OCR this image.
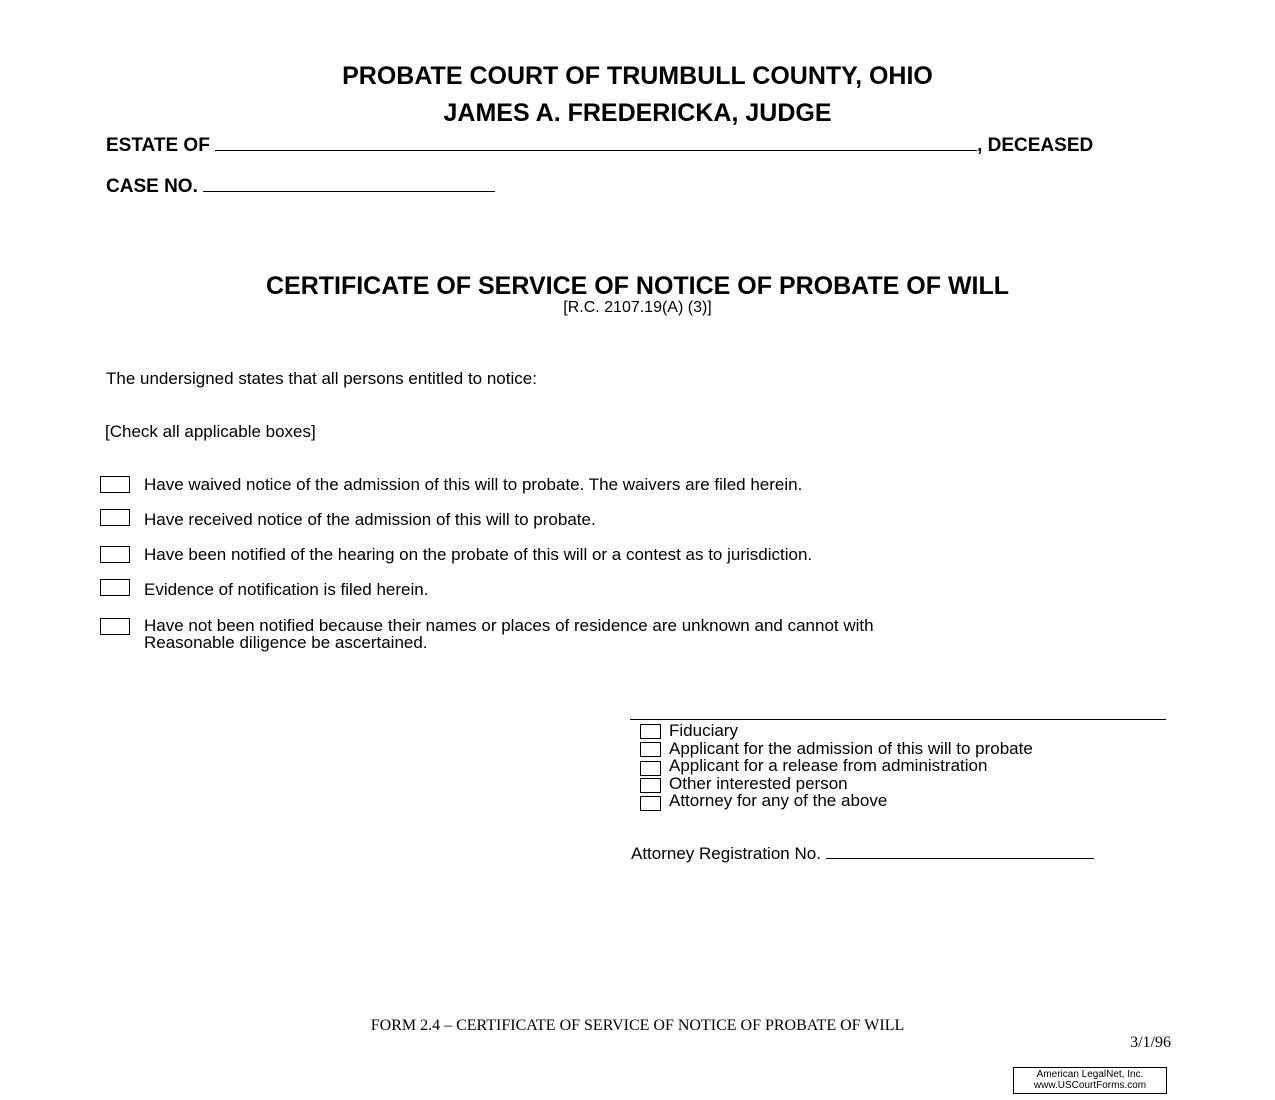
PROBATE COURT OF TRUMBULL COUNTY, OHIO
JAMES A. FREDERICKA, JUDGE
ESTATE OF	, DECEASED
CASE NO.
CERTIFICATE OF SERVICE OF NOTICE OF PROBATE OF WILL
[R.C. 2107.19(A) (3)]
The undersigned states that all persons entitled to notice:
[Check all applicable boxes]
Have waived notice of the admission of this will to probate. The waivers are filed herein.
Have received notice of the admission of this will to probate.
Have been notified of the hearing on the probate of this will or a contest as to jurisdiction.
Evidence of notification is filed herein.
Have not been notified because their names or places of residence are unknown and cannot with
Reasonable diligence be ascertained.
Fiduciary
Applicant for the admission of this will to probate
Applicant for a release from administration
Other interested person
Attorney for any of the above
Attorney Registration No.
FORM 2.4 – CERTIFICATE OF SERVICE OF NOTICE OF PROBATE OF WILL
3/1/96
American LegalNet, Inc.
www.USCourtForms.com
